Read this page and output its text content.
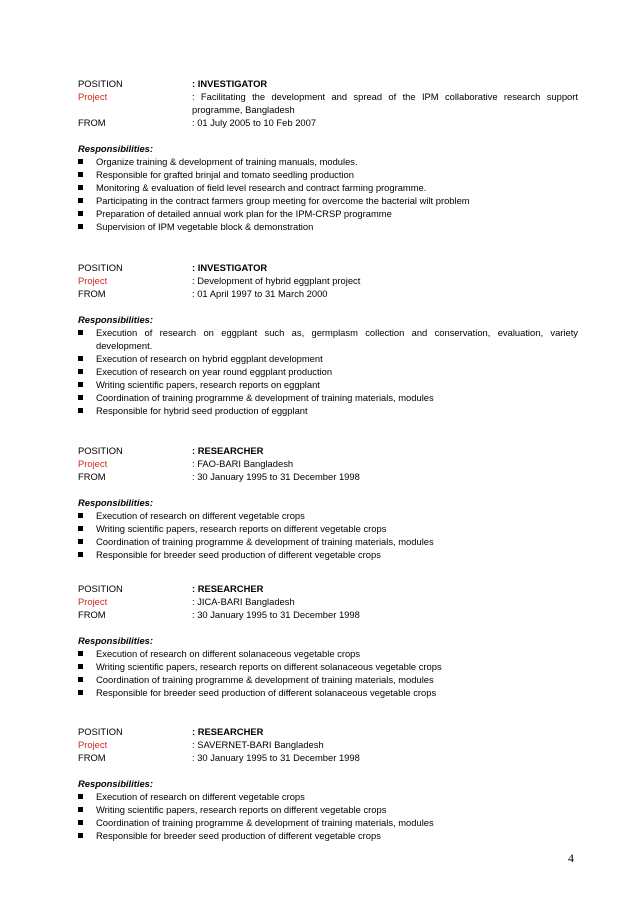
POSITION	: INVESTIGATOR
Project	: Facilitating the development and spread of the IPM collaborative research support programme, Bangladesh
FROM	: 01 July 2005 to 10 Feb 2007
Responsibilities:
Organize training & development of training manuals, modules.
Responsible for grafted brinjal and tomato seedling production
Monitoring & evaluation of field level research and contract farming programme.
Participating in the contract farmers group meeting for overcome the bacterial wilt problem
Preparation of detailed annual work plan for the IPM-CRSP programme
Supervision of IPM vegetable block & demonstration
POSITION	: INVESTIGATOR
Project	: Development of hybrid eggplant project
FROM	: 01 April 1997 to 31 March 2000
Responsibilities:
Execution of research on eggplant such as, germplasm collection and conservation, evaluation, variety development.
Execution of research on hybrid eggplant development
Execution of research on year round eggplant production
Writing scientific papers, research reports on eggplant
Coordination of training programme & development of training materials, modules
Responsible for hybrid seed production of eggplant
POSITION	: RESEARCHER
Project	: FAO-BARI Bangladesh
FROM	: 30 January 1995 to 31 December 1998
Responsibilities:
Execution of research on different vegetable crops
Writing scientific papers, research reports on different vegetable crops
Coordination of training programme & development of training materials, modules
Responsible for breeder seed production of different vegetable crops
POSITION	: RESEARCHER
Project	: JICA-BARI Bangladesh
FROM	: 30 January 1995 to 31 December 1998
Responsibilities:
Execution of research on different solanaceous vegetable crops
Writing scientific papers, research reports on different solanaceous vegetable crops
Coordination of training programme & development of training materials, modules
Responsible for breeder seed production of different solanaceous vegetable crops
POSITION	: RESEARCHER
Project	: SAVERNET-BARI Bangladesh
FROM	: 30 January 1995 to 31 December 1998
Responsibilities:
Execution of research on different vegetable crops
Writing scientific papers, research reports on different vegetable crops
Coordination of training programme & development of training materials, modules
Responsible for breeder seed production of different vegetable crops
4
